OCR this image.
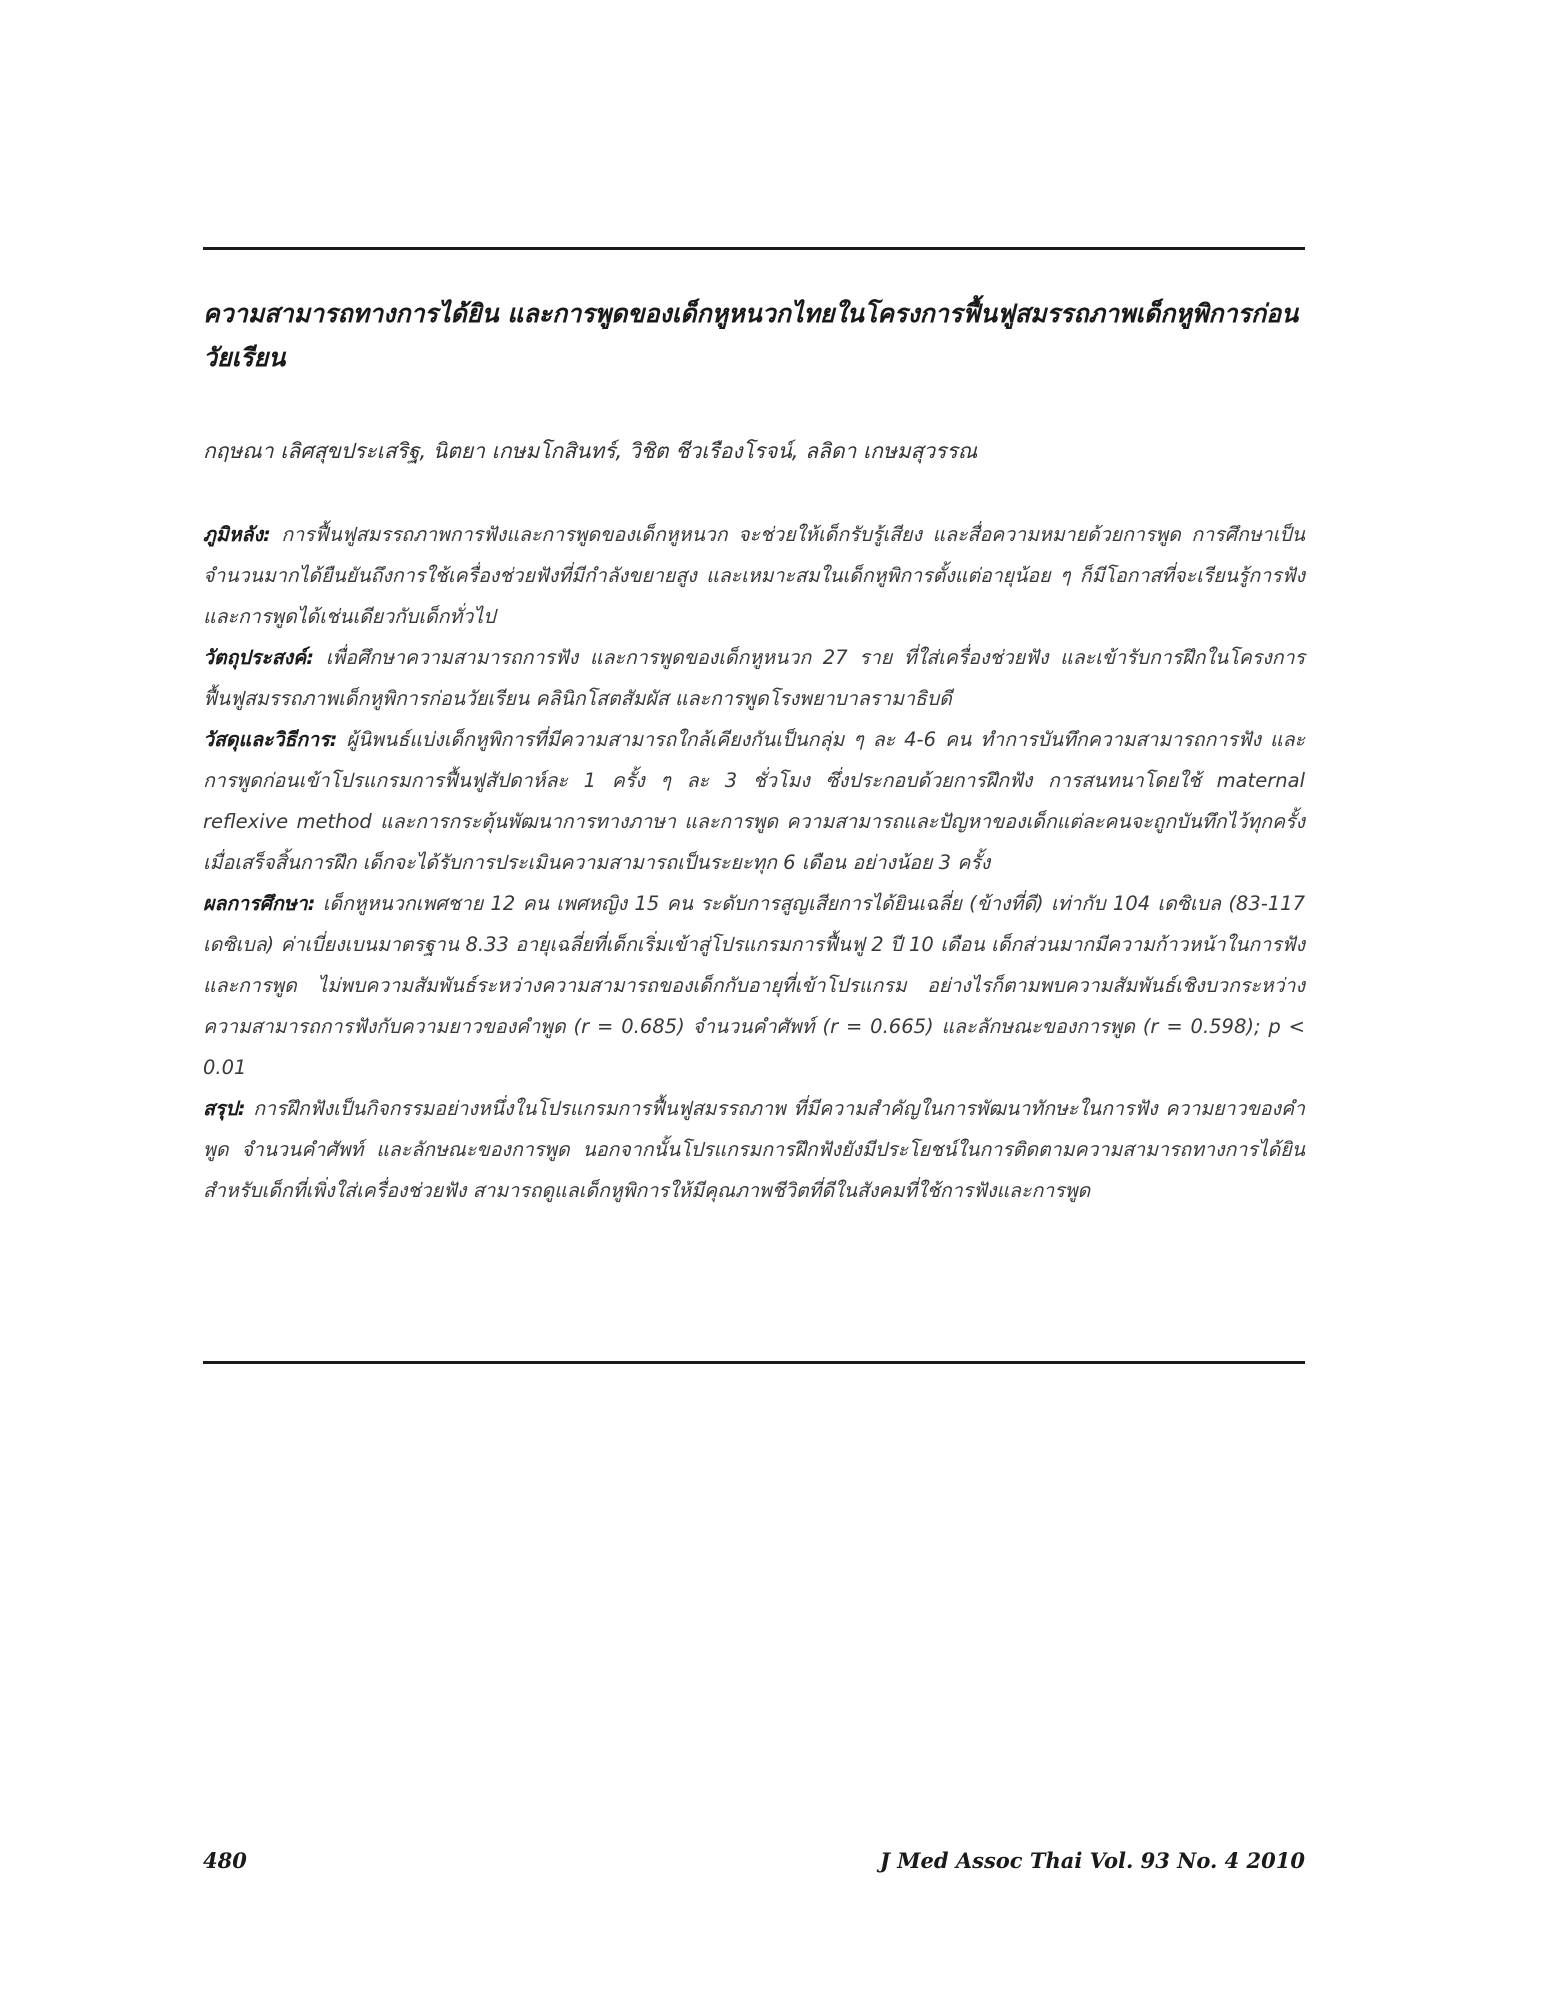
ความสามารถทางการได้ยิน และการพูดของเด็กหูหนวกไทยในโครงการฟื้นฟูสมรรถภาพเด็กหูพิการก่อนวัยเรียน

กฤษณา เลิศสุขประเสริฐ, นิตยา เกษมโกสินทร์, วิชิต ชีวเรืองโรจน์, ลลิดา เกษมสุวรรณ

ภูมิหลัง: การฟื้นฟูสมรรถภาพการฟังและการพูดของเด็กหูหนวก จะช่วยให้เด็กรับรู้เสียง และสื่อความหมายด้วยการพูด การศึกษาเป็นจำนวนมากได้ยืนยันถึงการใช้เครื่องช่วยฟังที่มีกำลังขยายสูง และเหมาะสมในเด็กหูพิการตั้งแต่อายุน้อย ๆ ก็มีโอกาสที่จะเรียนรู้การฟัง และการพูดได้เช่นเดียวกับเด็กทั่วไป

วัตถุประสงค์: เพื่อศึกษาความสามารถการฟัง และการพูดของเด็กหูหนวก 27 ราย ที่ใส่เครื่องช่วยฟัง และเข้ารับการฝึกในโครงการฟื้นฟูสมรรถภาพเด็กหูพิการก่อนวัยเรียน คลินิกโสตสัมผัส และการพูดโรงพยาบาลรามาธิบดี

วัสดุและวิธีการ: ผู้นิพนธ์แบ่งเด็กหูพิการที่มีความสามารถใกล้เคียงกันเป็นกลุ่ม ๆ ละ 4-6 คน ทำการบันทึกความสามารถการฟัง และการพูดก่อนเข้าโปรแกรมการฟื้นฟูสัปดาห์ละ 1 ครั้ง ๆ ละ 3 ชั่วโมง ซึ่งประกอบด้วยการฝึกฟัง การสนทนาโดยใช้ maternal reflexive method และการกระตุ้นพัฒนาการทางภาษา และการพูด ความสามารถและปัญหาของเด็กแต่ละคนจะถูกบันทึกไว้ทุกครั้ง เมื่อเสร็จสิ้นการฝึก เด็กจะได้รับการประเมินความสามารถเป็นระยะทุก 6 เดือน อย่างน้อย 3 ครั้ง

ผลการศึกษา: เด็กหูหนวกเพศชาย 12 คน เพศหญิง 15 คน ระดับการสูญเสียการได้ยินเฉลี่ย (ข้างที่ดี) เท่ากับ 104 เดซิเบล (83-117 เดซิเบล) ค่าเบี่ยงเบนมาตรฐาน 8.33 อายุเฉลี่ยที่เด็กเริ่มเข้าสู่โปรแกรมการฟื้นฟู 2 ปี 10 เดือน เด็กส่วนมากมีความก้าวหน้าในการฟังและการพูด ไม่พบความสัมพันธ์ระหว่างความสามารถของเด็กกับอายุที่เข้าโปรแกรม อย่างไรก็ตามพบความสัมพันธ์เชิงบวกระหว่างความสามารถการฟังกับความยาวของคำพูด (r = 0.685) จำนวนคำศัพท์ (r = 0.665) และลักษณะของการพูด (r = 0.598); p < 0.01

สรุป: การฝึกฟังเป็นกิจกรรมอย่างหนึ่งในโปรแกรมการฟื้นฟูสมรรถภาพ ที่มีความสำคัญในการพัฒนาทักษะในการฟัง ความยาวของคำพูด จำนวนคำศัพท์ และลักษณะของการพูด นอกจากนั้นโปรแกรมการฝึกฟังยังมีประโยชน์ในการติดตามความสามารถทางการได้ยินสำหรับเด็กที่เพิ่งใส่เครื่องช่วยฟัง สามารถดูแลเด็กหูพิการให้มีคุณภาพชีวิตที่ดีในสังคมที่ใช้การฟังและการพูด

480	J Med Assoc Thai Vol. 93 No. 4 2010
